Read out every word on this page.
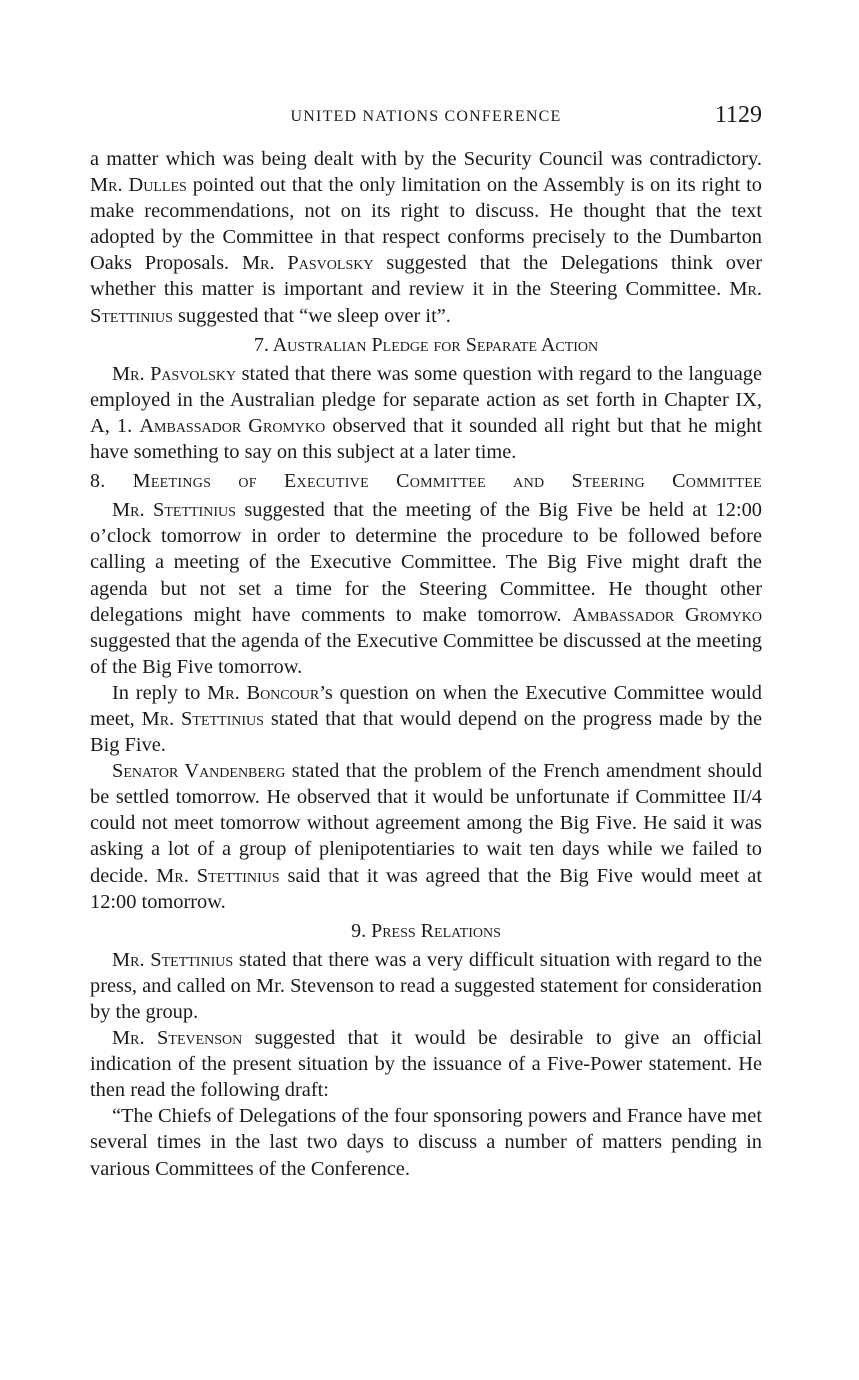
UNITED NATIONS CONFERENCE	1129

a matter which was being dealt with by the Security Council was contradictory. Mr. Dulles pointed out that the only limitation on the Assembly is on its right to make recommendations, not on its right to discuss. He thought that the text adopted by the Committee in that respect conforms precisely to the Dumbarton Oaks Proposals. Mr. Pasvolsky suggested that the Delegations think over whether this matter is important and review it in the Steering Committee. Mr. Stettinius suggested that “we sleep over it”.

7. Australian Pledge for Separate Action

Mr. Pasvolsky stated that there was some question with regard to the language employed in the Australian pledge for separate action as set forth in Chapter IX, A, 1. Ambassador Gromyko observed that it sounded all right but that he might have something to say on this subject at a later time.

8. Meetings of Executive Committee and Steering Committee

Mr. Stettinius suggested that the meeting of the Big Five be held at 12:00 o’clock tomorrow in order to determine the procedure to be followed before calling a meeting of the Executive Committee. The Big Five might draft the agenda but not set a time for the Steering Committee. He thought other delegations might have comments to make tomorrow. Ambassador Gromyko suggested that the agenda of the Executive Committee be discussed at the meeting of the Big Five tomorrow.

In reply to Mr. Boncour’s question on when the Executive Committee would meet, Mr. Stettinius stated that that would depend on the progress made by the Big Five.

Senator Vandenberg stated that the problem of the French amendment should be settled tomorrow. He observed that it would be unfortunate if Committee II/4 could not meet tomorrow without agreement among the Big Five. He said it was asking a lot of a group of plenipotentiaries to wait ten days while we failed to decide. Mr. Stettinius said that it was agreed that the Big Five would meet at 12:00 tomorrow.

9. Press Relations

Mr. Stettinius stated that there was a very difficult situation with regard to the press, and called on Mr. Stevenson to read a suggested statement for consideration by the group.

Mr. Stevenson suggested that it would be desirable to give an official indication of the present situation by the issuance of a Five-Power statement. He then read the following draft:

“The Chiefs of Delegations of the four sponsoring powers and France have met several times in the last two days to discuss a number of matters pending in various Committees of the Conference.
